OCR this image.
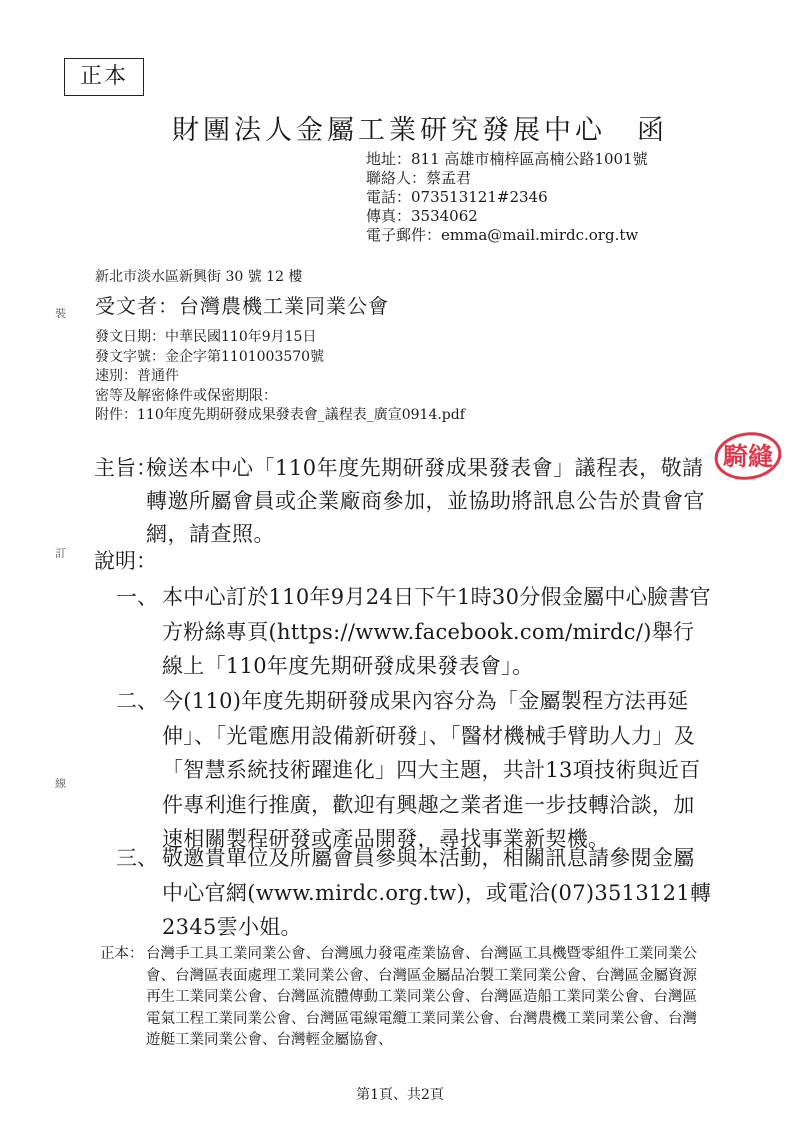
正本
財團法人金屬工業研究發展中心　函
地址：811 高雄市楠梓區高楠公路1001號
聯絡人：蔡孟君
電話：073513121#2346
傳真：3534062
電子郵件：emma@mail.mirdc.org.tw
新北市淡水區新興街 30 號 12 樓
受文者：台灣農機工業同業公會
發文日期：中華民國110年9月15日
發文字號：金企字第1101003570號
速別：普通件
密等及解密條件或保密期限：
附件：110年度先期研發成果發表會_議程表_廣宣0914.pdf
裝
訂
線
騎縫
主旨：
檢送本中心「110年度先期研發成果發表會」議程表，敬請轉邀所屬會員或企業廠商參加，並協助將訊息公告於貴會官網，請查照。
說明：
一、 本中心訂於110年9月24日下午1時30分假金屬中心臉書官方粉絲專頁(https://www.facebook.com/mirdc/)舉行線上「110年度先期研發成果發表會」。
二、 今(110)年度先期研發成果內容分為「金屬製程方法再延伸」、「光電應用設備新研發」、「醫材機械手臂助人力」及「智慧系統技術躍進化」四大主題，共計13項技術與近百件專利進行推廣，歡迎有興趣之業者進一步技轉洽談，加速相關製程研發或產品開發，尋找事業新契機。
三、 敬邀貴單位及所屬會員參與本活動，相關訊息請參閱金屬中心官網(www.mirdc.org.tw)，或電洽(07)3513121轉2345雲小姐。
正本： 台灣手工具工業同業公會、台灣風力發電產業協會、台灣區工具機暨零組件工業同業公會、台灣區表面處理工業同業公會、台灣區金屬品冶製工業同業公會、台灣區金屬資源再生工業同業公會、台灣區流體傳動工業同業公會、台灣區造船工業同業公會、台灣區電氣工程工業同業公會、台灣區電線電纜工業同業公會、台灣農機工業同業公會、台灣遊艇工業同業公會、台灣輕金屬協會、
第1頁、共2頁
